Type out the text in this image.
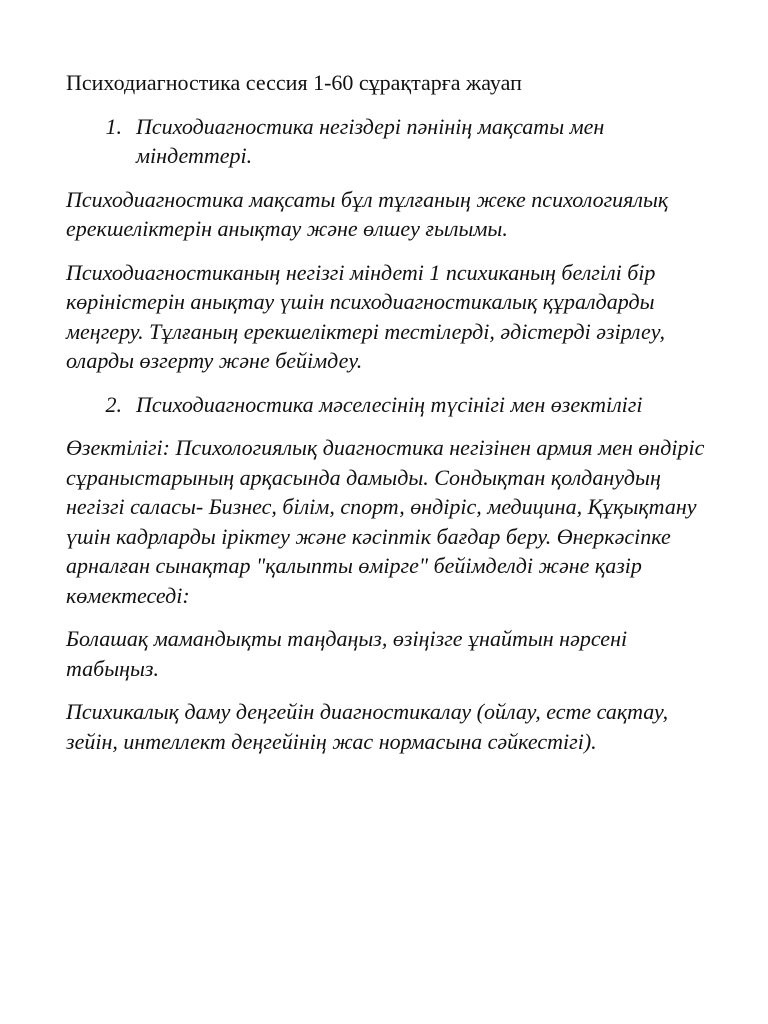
Психодиагностика сессия 1-60 сұрақтарға жауап

1. Психодиагностика негіздері пәнінің мақсаты мен міндеттері.

Психодиагностика мақсаты бұл тұлғаның жеке психологиялық ерекшеліктерін анықтау және өлшеу ғылымы.

Психодиагностиканың негізгі міндеті 1 психиканың белгілі бір көріністерін анықтау үшін психодиагностикалық құралдарды меңгеру. Тұлғаның ерекшеліктері тестілерді, әдістерді әзірлеу, оларды өзгерту және бейімдеу.

2. Психодиагностика мәселесінің түсінігі мен өзектілігі

Өзектілігі: Психологиялық диагностика негізінен армия мен өндіріс сұраныстарының арқасында дамыды. Сондықтан қолданудың негізгі саласы- Бизнес, білім, спорт, өндіріс, медицина, Құқықтану үшін кадрларды іріктеу және кәсіптік бағдар беру. Өнеркәсіпке арналған сынақтар "қалыпты өмірге" бейімделді және қазір көмектеседі:

Болашақ мамандықты таңдаңыз, өзіңізге ұнайтын нәрсені табыңыз.

Психикалық даму деңгейін диагностикалау (ойлау, есте сақтау, зейін, интеллект деңгейінің жас нормасына сәйкестігі).
